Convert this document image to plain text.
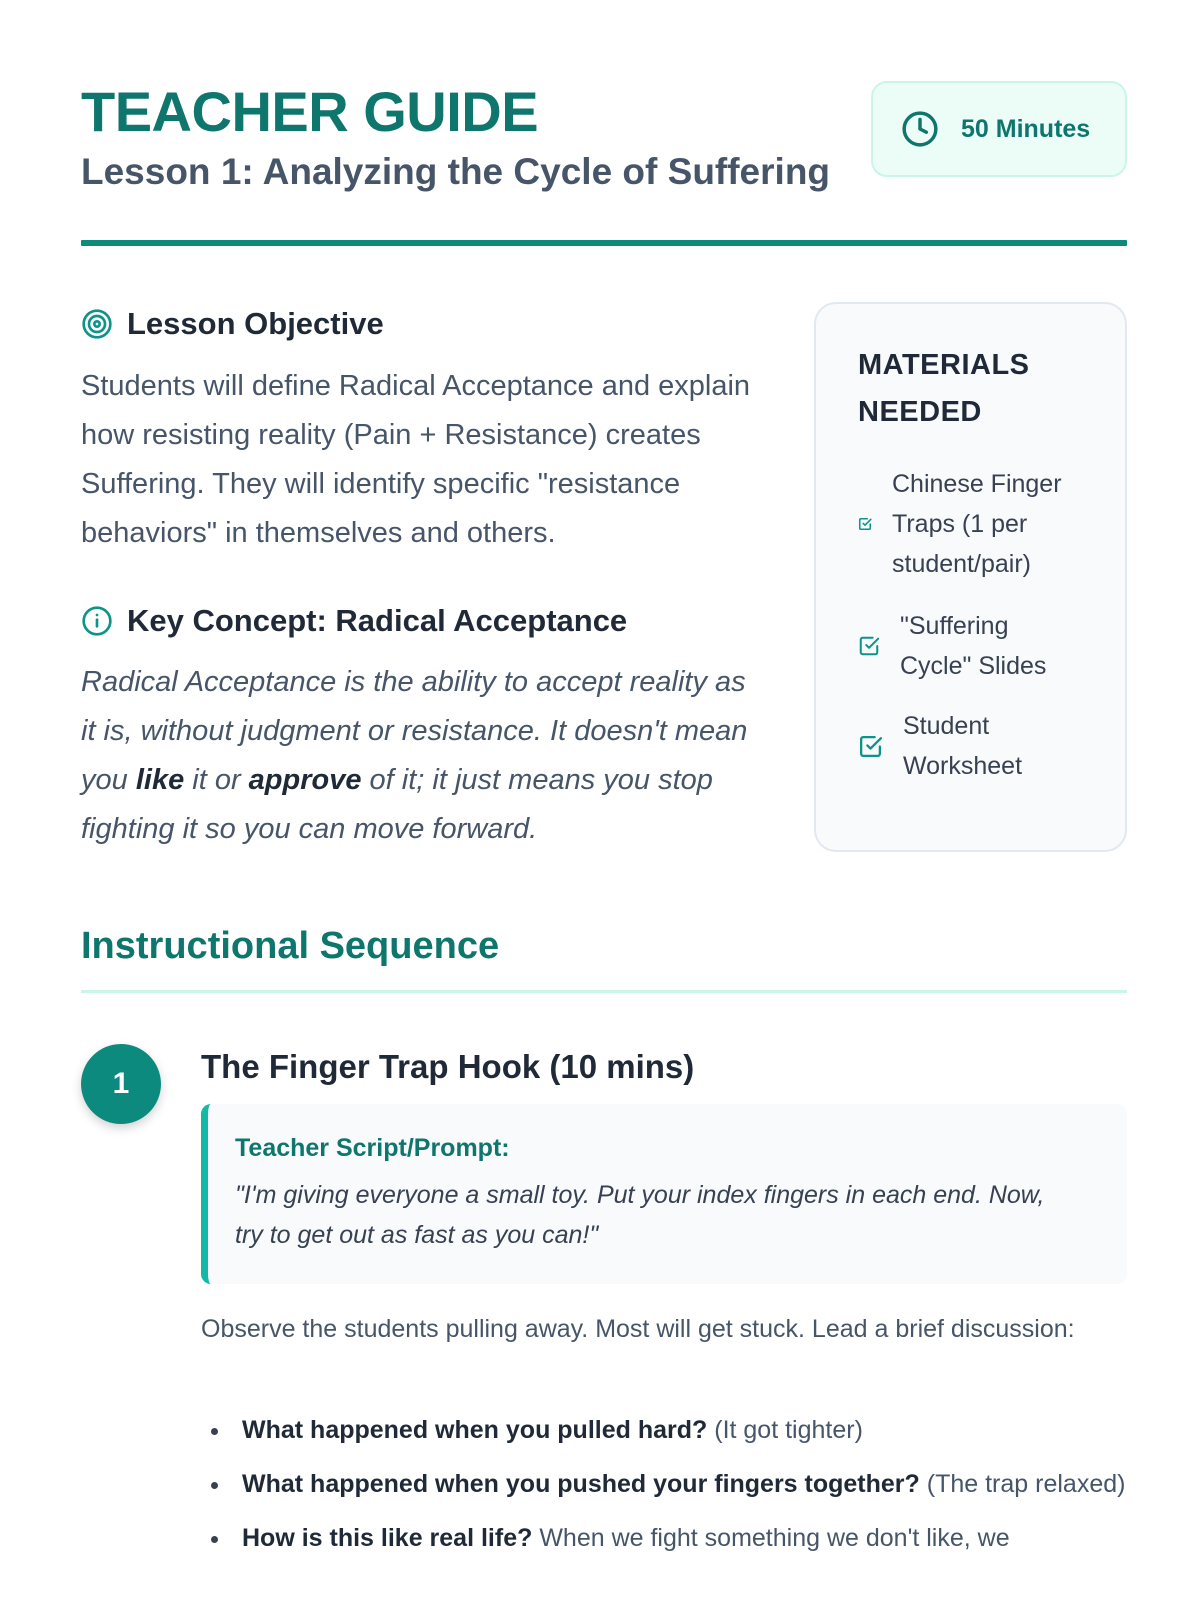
TEACHER GUIDE
Lesson 1: Analyzing the Cycle of Suffering
50 Minutes
Lesson Objective

Students will define Radical Acceptance and explain how resisting reality (Pain + Resistance) creates Suffering. They will identify specific "resistance behaviors" in themselves and others.

Key Concept: Radical Acceptance

Radical Acceptance is the ability to accept reality as it is, without judgment or resistance. It doesn't mean you like it or approve of it; it just means you stop fighting it so you can move forward.

MATERIALS NEEDED
Chinese Finger Traps (1 per student/pair)
"Suffering Cycle" Slides
Student Worksheet
Instructional Sequence
1	The Finger Trap Hook (10 mins)
Teacher Script/Prompt:
"I'm giving everyone a small toy. Put your index fingers in each end. Now, try to get out as fast as you can!"

Observe the students pulling away. Most will get stuck. Lead a brief discussion:

What happened when you pulled hard? (It got tighter)
What happened when you pushed your fingers together? (The trap relaxed)
How is this like real life? When we fight something we don't like, we
